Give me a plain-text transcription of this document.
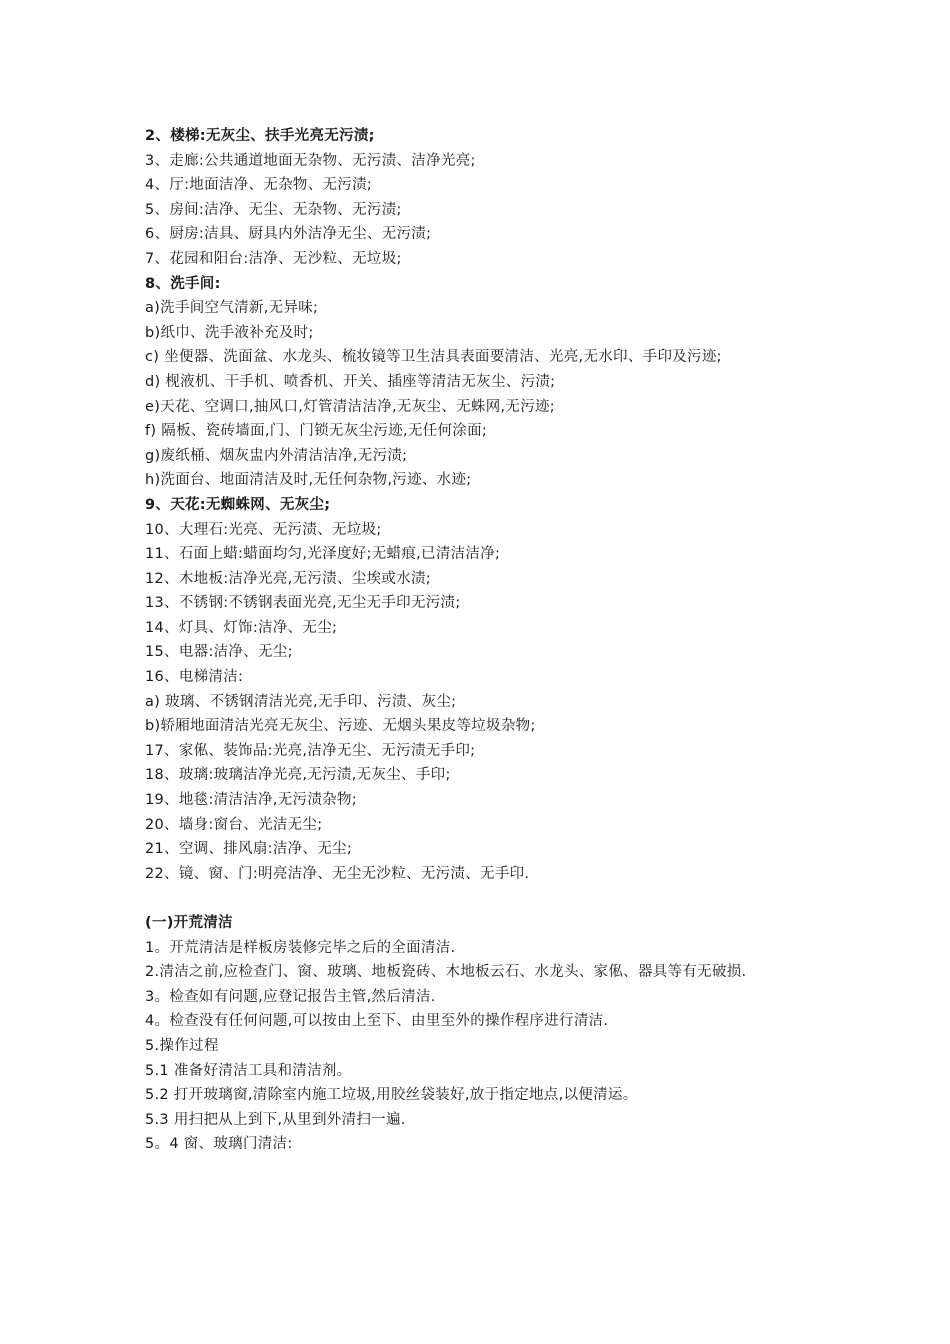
2、楼梯:无灰尘、扶手光亮无污渍;
3、走廊:公共通道地面无杂物、无污渍、洁净光亮;
4、厅:地面洁净、无杂物、无污渍;
5、房间:洁净、无尘、无杂物、无污渍;
6、厨房:洁具、厨具内外洁净无尘、无污渍;
7、花园和阳台:洁净、无沙粒、无垃圾;
8、洗手间:
a)洗手间空气清新,无异味;
b)纸巾、洗手液补充及时;
c) 坐便器、洗面盆、水龙头、梳妆镜等卫生洁具表面要清洁、光亮,无水印、手印及污迹;
d) 枧液机、干手机、喷香机、开关、插座等清洁无灰尘、污渍;
e)天花、空调口,抽风口,灯管清洁洁净,无灰尘、无蛛网,无污迹;
f) 隔板、瓷砖墙面,门、门锁无灰尘污迹,无任何涂面;
g)废纸桶、烟灰盅内外清洁洁净,无污渍;
h)洗面台、地面清洁及时,无任何杂物,污迹、水迹;
9、天花:无蜘蛛网、无灰尘;
10、大理石:光亮、无污渍、无垃圾;
11、石面上蜡:蜡面均匀,光泽度好;无蜡痕,已清洁洁净;
12、木地板:洁净光亮,无污渍、尘埃或水渍;
13、不锈钢:不锈钢表面光亮,无尘无手印无污渍;
14、灯具、灯饰:洁净、无尘;
15、电器:洁净、无尘;
16、电梯清洁:
a) 玻璃、不锈钢清洁光亮,无手印、污渍、灰尘;
b)轿厢地面清洁光亮无灰尘、污迹、无烟头果皮等垃圾杂物;
17、家俬、装饰品:光亮,洁净无尘、无污渍无手印;
18、玻璃:玻璃洁净光亮,无污渍,无灰尘、手印;
19、地毯:清洁洁净,无污渍杂物;
20、墙身:窗台、光洁无尘;
21、空调、排风扇:洁净、无尘;
22、镜、窗、门:明亮洁净、无尘无沙粒、无污渍、无手印.
(一)开荒清洁
1。开荒清洁是样板房装修完毕之后的全面清洁.
2.清洁之前,应检查门、窗、玻璃、地板瓷砖、木地板云石、水龙头、家俬、器具等有无破损.
3。检查如有问题,应登记报告主管,然后清洁.
4。检查没有任何问题,可以按由上至下、由里至外的操作程序进行清洁.
5.操作过程
5.1 准备好清洁工具和清洁剂。
5.2 打开玻璃窗,清除室内施工垃圾,用胶丝袋装好,放于指定地点,以便清运。
5.3 用扫把从上到下,从里到外清扫一遍.
5。4 窗、玻璃门清洁:
